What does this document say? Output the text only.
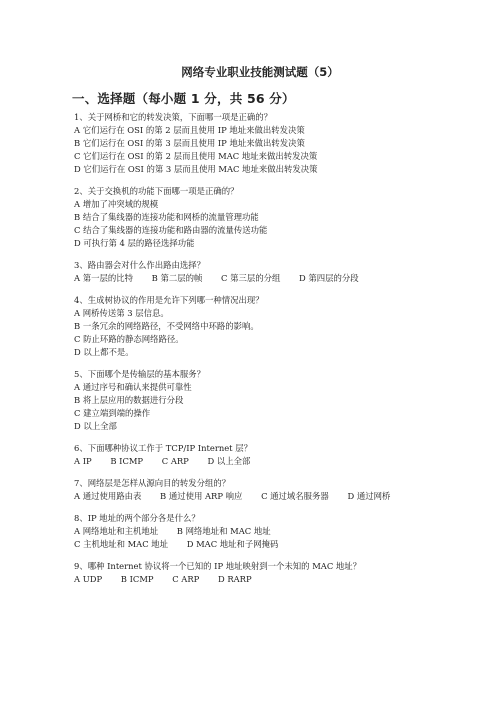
网络专业职业技能测试题（5）
一、选择题（每小题 1 分，共 56 分）
1、关于网桥和它的转发决策，下面哪一项是正确的？
A 它们运行在 OSI 的第 2 层而且使用 IP 地址来做出转发决策
B 它们运行在 OSI 的第 3 层而且使用 IP 地址来做出转发决策
C 它们运行在 OSI 的第 2 层而且使用 MAC 地址来做出转发决策
D 它们运行在 OSI 的第 3 层而且使用 MAC 地址来做出转发决策
2、关于交换机的功能下面哪一项是正确的？
A 增加了冲突域的规模
B 结合了集线器的连接功能和网桥的流量管理功能
C 结合了集线器的连接功能和路由器的流量传送功能
D 可执行第 4 层的路径选择功能
3、路由器会对什么作出路由选择？
A 第一层的比特 B 第二层的帧 C 第三层的分组 D 第四层的分段
4、生成树协议的作用是允许下列哪一种情况出现？
A 网桥传送第 3 层信息。
B 一条冗余的网络路径，不受网络中环路的影响。
C 防止环路的静态网络路径。
D 以上都不是。
5、下面哪个是传输层的基本服务？
A 通过序号和确认来提供可靠性
B 将上层应用的数据进行分段
C 建立端到端的操作
D 以上全部
6、下面哪种协议工作于 TCP/IP Internet 层？
A IP B ICMP C ARP D 以上全部
7、网络层是怎样从源向目的转发分组的？
A 通过使用路由表 B 通过使用 ARP 响应 C 通过域名服务器 D 通过网桥
8、IP 地址的两个部分各是什么？
A 网络地址和主机地址 B 网络地址和 MAC 地址
C 主机地址和 MAC 地址 D MAC 地址和子网掩码
9、哪种 Internet 协议将一个已知的 IP 地址映射到一个未知的 MAC 地址？
A UDP B ICMP C ARP D RARP
